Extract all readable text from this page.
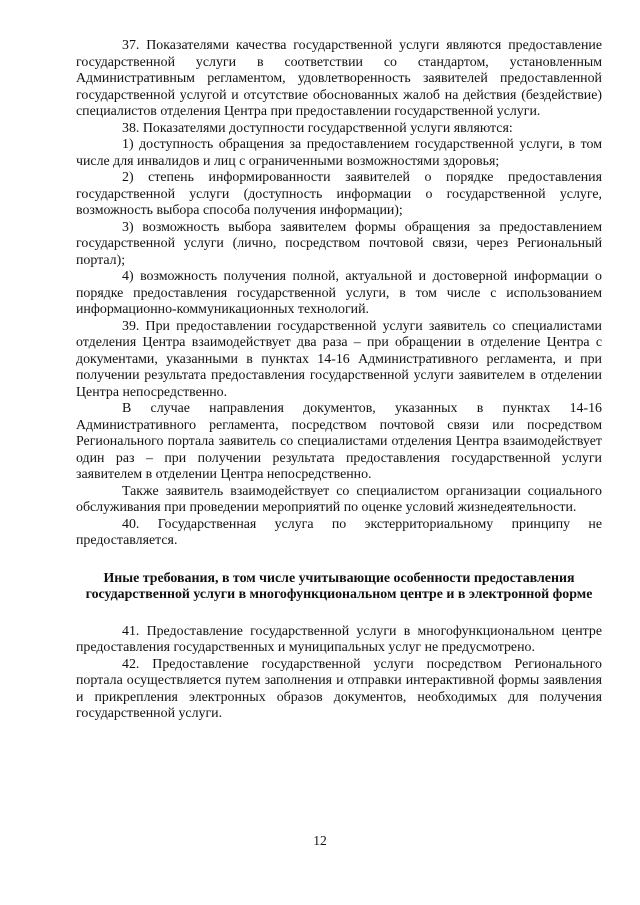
37. Показателями качества государственной услуги являются предоставление государственной услуги в соответствии со стандартом, установленным Административным регламентом, удовлетворенность заявителей предоставленной государственной услугой и отсутствие обоснованных жалоб на действия (бездействие) специалистов отделения Центра при предоставлении государственной услуги.

38. Показателями доступности государственной услуги являются:

1) доступность обращения за предоставлением государственной услуги, в том числе для инвалидов и лиц с ограниченными возможностями здоровья;

2) степень информированности заявителей о порядке предоставления государственной услуги (доступность информации о государственной услуге, возможность выбора способа получения информации);

3) возможность выбора заявителем формы обращения за предоставлением государственной услуги (лично, посредством почтовой связи, через Региональный портал);

4) возможность получения полной, актуальной и достоверной информации о порядке предоставления государственной услуги, в том числе с использованием информационно-коммуникационных технологий.

39. При предоставлении государственной услуги заявитель со специалистами отделения Центра взаимодействует два раза – при обращении в отделение Центра с документами, указанными в пунктах 14-16 Административного регламента, и при получении результата предоставления государственной услуги заявителем в отделении Центра непосредственно.

В случае направления документов, указанных в пунктах 14-16 Административного регламента, посредством почтовой связи или посредством Регионального портала заявитель со специалистами отделения Центра взаимодействует один раз – при получении результата предоставления государственной услуги заявителем в отделении Центра непосредственно.

Также заявитель взаимодействует со специалистом организации социального обслуживания при проведении мероприятий по оценке условий жизнедеятельности.

40. Государственная услуга по экстерриториальному принципу не предоставляется.

Иные требования, в том числе учитывающие особенности предоставления государственной услуги в многофункциональном центре и в электронной форме

41. Предоставление государственной услуги в многофункциональном центре предоставления государственных и муниципальных услуг не предусмотрено.

42. Предоставление государственной услуги посредством Регионального портала осуществляется путем заполнения и отправки интерактивной формы заявления и прикрепления электронных образов документов, необходимых для получения государственной услуги.

12
